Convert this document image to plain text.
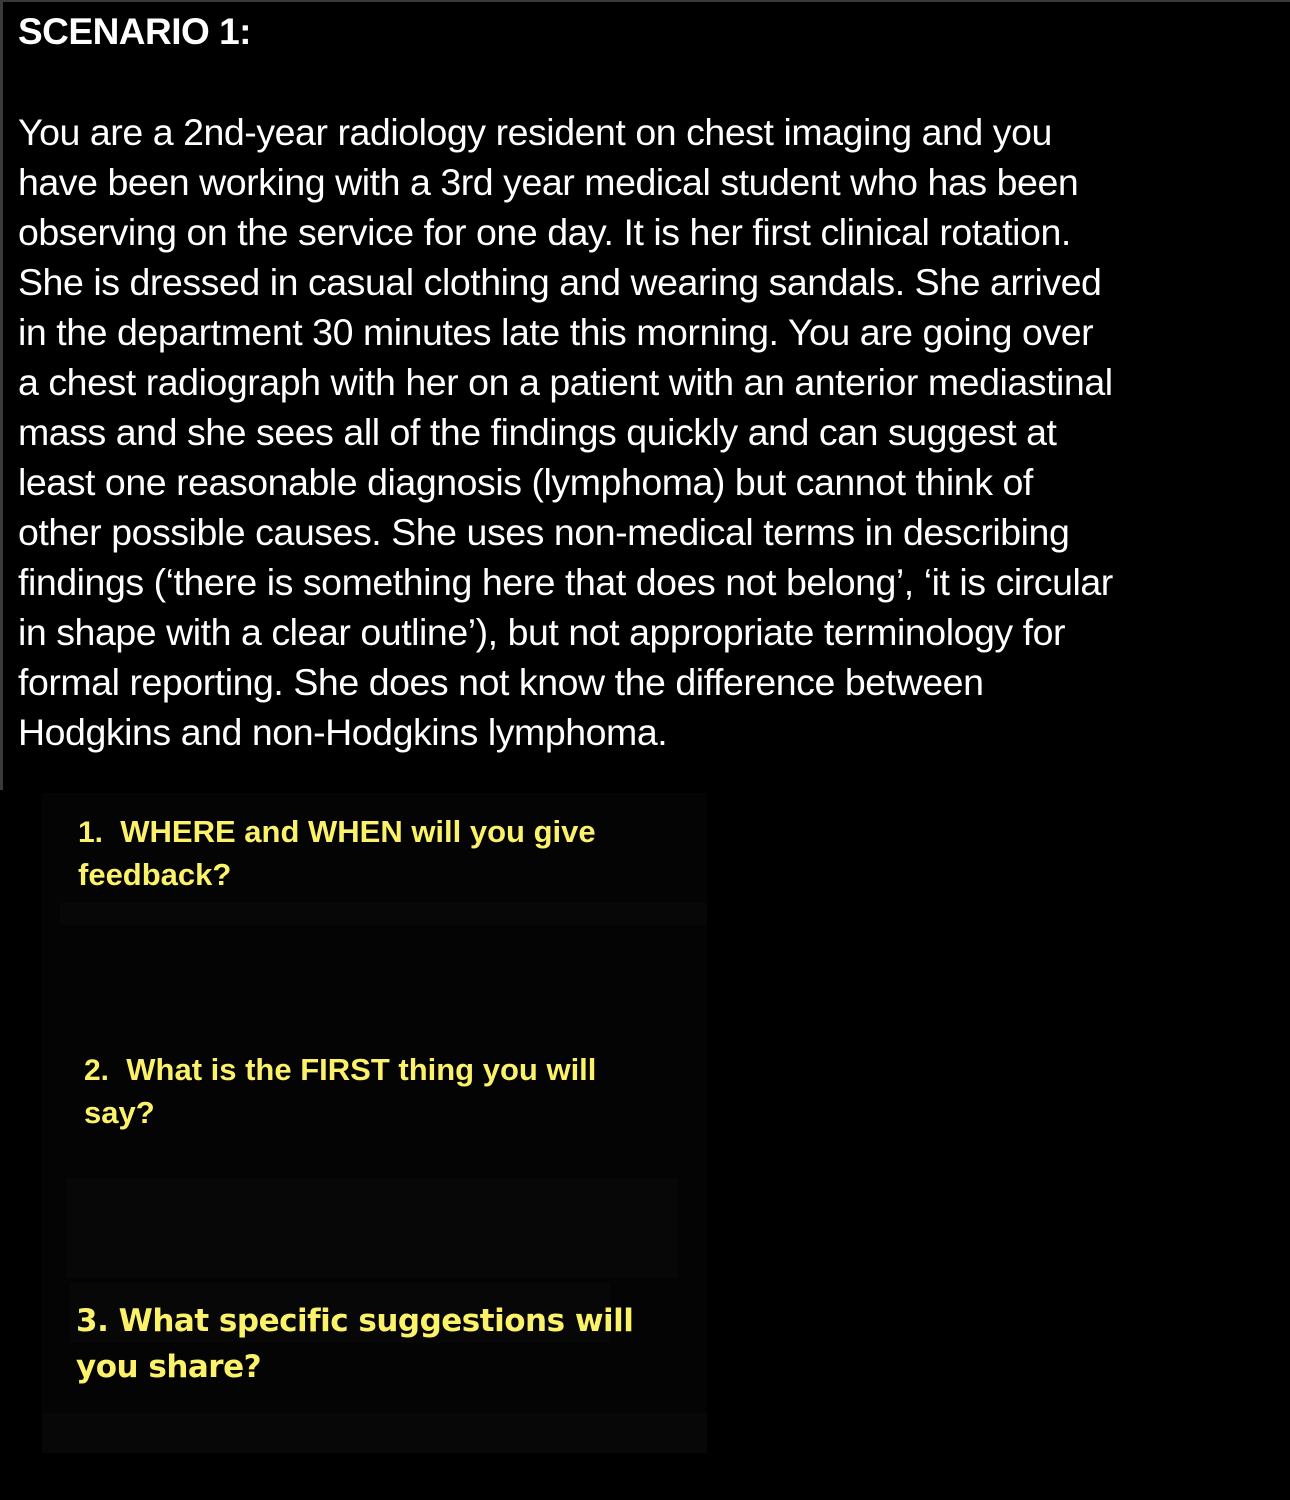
SCENARIO 1:

You are a 2nd-year radiology resident on chest imaging and you
have been working with a 3rd year medical student who has been
observing on the service for one day. It is her first clinical rotation.
She is dressed in casual clothing and wearing sandals. She arrived
in the department 30 minutes late this morning. You are going over
a chest radiograph with her on a patient with an anterior mediastinal
mass and she sees all of the findings quickly and can suggest at
least one reasonable diagnosis (lymphoma) but cannot think of
other possible causes. She uses non-medical terms in describing
findings (‘there is something here that does not belong’, ‘it is circular
in shape with a clear outline’), but not appropriate terminology for
formal reporting. She does not know the difference between
Hodgkins and non-Hodgkins lymphoma.

1. WHERE and WHEN will you give
feedback?
2. What is the FIRST thing you will
say?
3. What specific suggestions will
you share?
